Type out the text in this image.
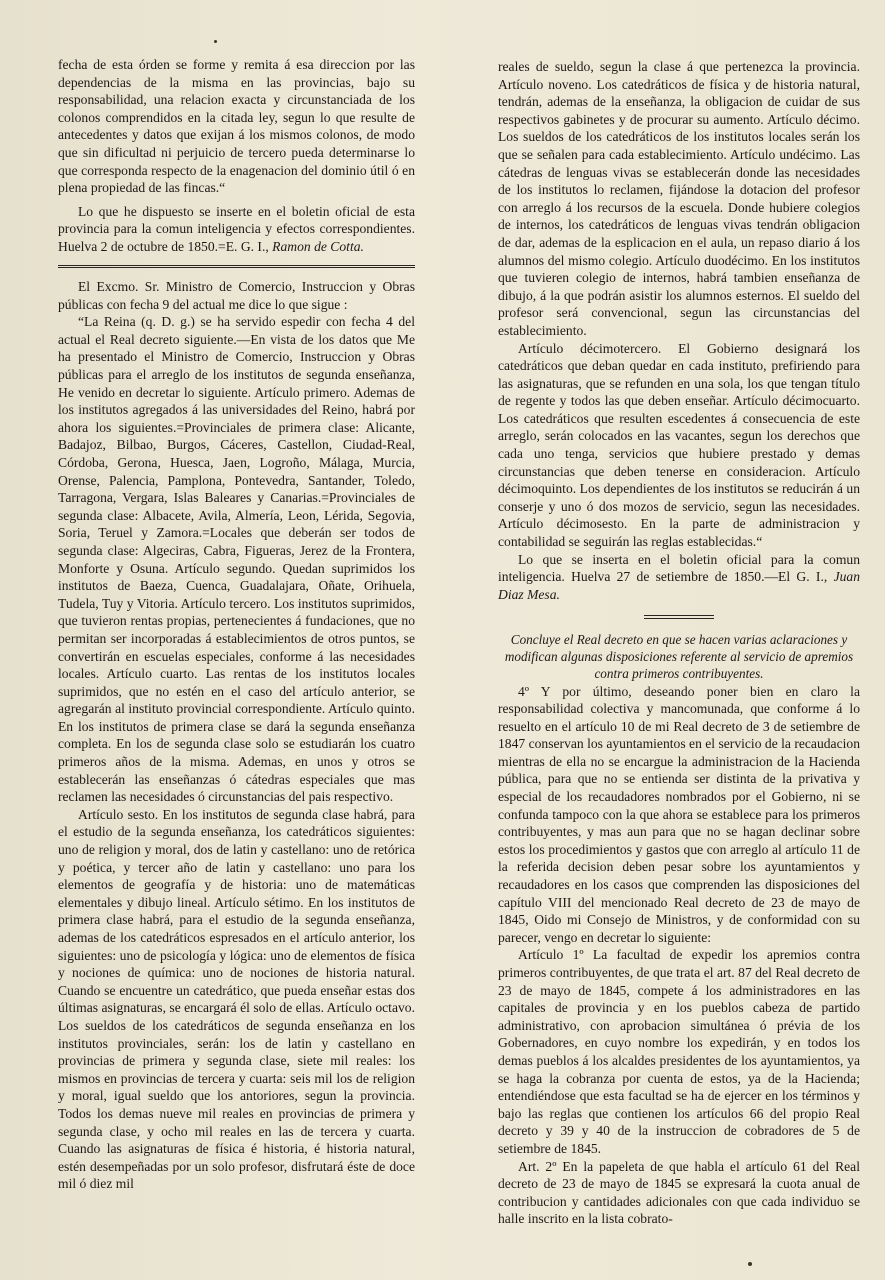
fecha de esta órden se forme y remita á esa direccion por las dependencias de la misma en las provincias, bajo su responsabilidad, una relacion exacta y circunstanciada de los colonos comprendidos en la citada ley, segun lo que resulte de antecedentes y datos que exijan á los mismos colonos, de modo que sin dificultad ni perjuicio de tercero pueda determinarse lo que corresponda respecto de la enagenacion del dominio útil ó en plena propiedad de las fincas.“

Lo que he dispuesto se inserte en el boletin oficial de esta provincia para la comun inteligencia y efectos correspondientes. Huelva 2 de octubre de 1850.=E. G. I., Ramon de Cotta.

El Excmo. Sr. Ministro de Comercio, Instruccion y Obras públicas con fecha 9 del actual me dice lo que sigue :

“La Reina (q. D. g.) se ha servido espedir con fecha 4 del actual el Real decreto siguiente.—En vista de los datos que Me ha presentado el Ministro de Comercio, Instruccion y Obras públicas para el arreglo de los institutos de segunda enseñanza, He venido en decretar lo siguiente. Artículo primero. Ademas de los institutos agregados á las universidades del Reino, habrá por ahora los siguientes.=Provinciales de primera clase: Alicante, Badajoz, Bilbao, Burgos, Cáceres, Castellon, Ciudad-Real, Córdoba, Gerona, Huesca, Jaen, Logroño, Málaga, Murcia, Orense, Palencia, Pamplona, Pontevedra, Santander, Toledo, Tarragona, Vergara, Islas Baleares y Canarias.=Provinciales de segunda clase: Albacete, Avila, Almería, Leon, Lérida, Segovia, Soria, Teruel y Zamora.=Locales que deberán ser todos de segunda clase: Algeciras, Cabra, Figueras, Jerez de la Frontera, Monforte y Osuna. Artículo segundo. Quedan suprimidos los institutos de Baeza, Cuenca, Guadalajara, Oñate, Orihuela, Tudela, Tuy y Vitoria. Artículo tercero. Los institutos suprimidos, que tuvieron rentas propias, pertenecientes á fundaciones, que no permitan ser incorporadas á establecimientos de otros puntos, se convertirán en escuelas especiales, conforme á las necesidades locales. Artículo cuarto. Las rentas de los institutos locales suprimidos, que no estén en el caso del artículo anterior, se agregarán al instituto provincial correspondiente. Artículo quinto. En los institutos de primera clase se dará la segunda enseñanza completa. En los de segunda clase solo se estudiarán los cuatro primeros años de la misma. Ademas, en unos y otros se establecerán las enseñanzas ó cátedras especiales que mas reclamen las necesidades ó circunstancias del pais respectivo.

Artículo sesto. En los institutos de segunda clase habrá, para el estudio de la segunda enseñanza, los catedráticos siguientes: uno de religion y moral, dos de latin y castellano: uno de retórica y poética, y tercer año de latin y castellano: uno para los elementos de geografía y de historia: uno de matemáticas elementales y dibujo lineal. Artículo sétimo. En los institutos de primera clase habrá, para el estudio de la segunda enseñanza, ademas de los catedráticos espresados en el artículo anterior, los siguientes: uno de psicología y lógica: uno de elementos de física y nociones de química: uno de nociones de historia natural. Cuando se encuentre un catedrático, que pueda enseñar estas dos últimas asignaturas, se encargará él solo de ellas. Artículo octavo. Los sueldos de los catedráticos de segunda enseñanza en los institutos provinciales, serán: los de latin y castellano en provincias de primera y segunda clase, siete mil reales: los mismos en provincias de tercera y cuarta: seis mil los de religion y moral, igual sueldo que los antoriores, segun la provincia. Todos los demas nueve mil reales en provincias de primera y segunda clase, y ocho mil reales en las de tercera y cuarta. Cuando las asignaturas de física é historia, é historia natural, estén desempeñadas por un solo profesor, disfrutará éste de doce mil ó diez mil

reales de sueldo, segun la clase á que pertenezca la provincia. Artículo noveno. Los catedráticos de física y de historia natural, tendrán, ademas de la enseñanza, la obligacion de cuidar de sus respectivos gabinetes y de procurar su aumento. Artículo décimo. Los sueldos de los catedráticos de los institutos locales serán los que se señalen para cada establecimiento. Artículo undécimo. Las cátedras de lenguas vivas se establecerán donde las necesidades de los institutos lo reclamen, fijándose la dotacion del profesor con arreglo á los recursos de la escuela. Donde hubiere colegios de internos, los catedráticos de lenguas vivas tendrán obligacion de dar, ademas de la esplicacion en el aula, un repaso diario á los alumnos del mismo colegio. Artículo duodécimo. En los institutos que tuvieren colegio de internos, habrá tambien enseñanza de dibujo, á la que podrán asistir los alumnos esternos. El sueldo del profesor será convencional, segun las circunstancias del establecimiento.

Artículo décimotercero. El Gobierno designará los catedráticos que deban quedar en cada instituto, prefiriendo para las asignaturas, que se refunden en una sola, los que tengan título de regente y todos las que deben enseñar. Artículo décimocuarto. Los catedráticos que resulten escedentes á consecuencia de este arreglo, serán colocados en las vacantes, segun los derechos que cada uno tenga, servicios que hubiere prestado y demas circunstancias que deben tenerse en consideracion. Artículo décimoquinto. Los dependientes de los institutos se reducirán á un conserje y uno ó dos mozos de servicio, segun las necesidades. Artículo décimosesto. En la parte de administracion y contabilidad se seguirán las reglas establecidas.“

Lo que se inserta en el boletin oficial para la comun inteligencia. Huelva 27 de setiembre de 1850.—El G. I., Juan Diaz Mesa.

Concluye el Real decreto en que se hacen varias aclaraciones y modifican algunas disposiciones referente al servicio de apremios contra primeros contribuyentes.

4º Y por último, deseando poner bien en claro la responsabilidad colectiva y mancomunada, que conforme á lo resuelto en el artículo 10 de mi Real decreto de 3 de setiembre de 1847 conservan los ayuntamientos en el servicio de la recaudacion mientras de ella no se encargue la administracion de la Hacienda pública, para que no se entienda ser distinta de la privativa y especial de los recaudadores nombrados por el Gobierno, ni se confunda tampoco con la que ahora se establece para los primeros contribuyentes, y mas aun para que no se hagan declinar sobre estos los procedimientos y gastos que con arreglo al artículo 11 de la referida decision deben pesar sobre los ayuntamientos y recaudadores en los casos que comprenden las disposiciones del capítulo VIII del mencionado Real decreto de 23 de mayo de 1845, Oido mi Consejo de Ministros, y de conformidad con su parecer, vengo en decretar lo siguiente:

Artículo 1º La facultad de expedir los apremios contra primeros contribuyentes, de que trata el art. 87 del Real decreto de 23 de mayo de 1845, compete á los administradores en las capitales de provincia y en los pueblos cabeza de partido administrativo, con aprobacion simultánea ó prévia de los Gobernadores, en cuyo nombre los expedirán, y en todos los demas pueblos á los alcaldes presidentes de los ayuntamientos, ya se haga la cobranza por cuenta de estos, ya de la Hacienda; entendiéndose que esta facultad se ha de ejercer en los términos y bajo las reglas que contienen los artículos 66 del propio Real decreto y 39 y 40 de la instruccion de cobradores de 5 de setiembre de 1845.

Art. 2º En la papeleta de que habla el artículo 61 del Real decreto de 23 de mayo de 1845 se expresará la cuota anual de contribucion y cantidades adicionales con que cada individuo se halle inscrito en la lista cobrato-
